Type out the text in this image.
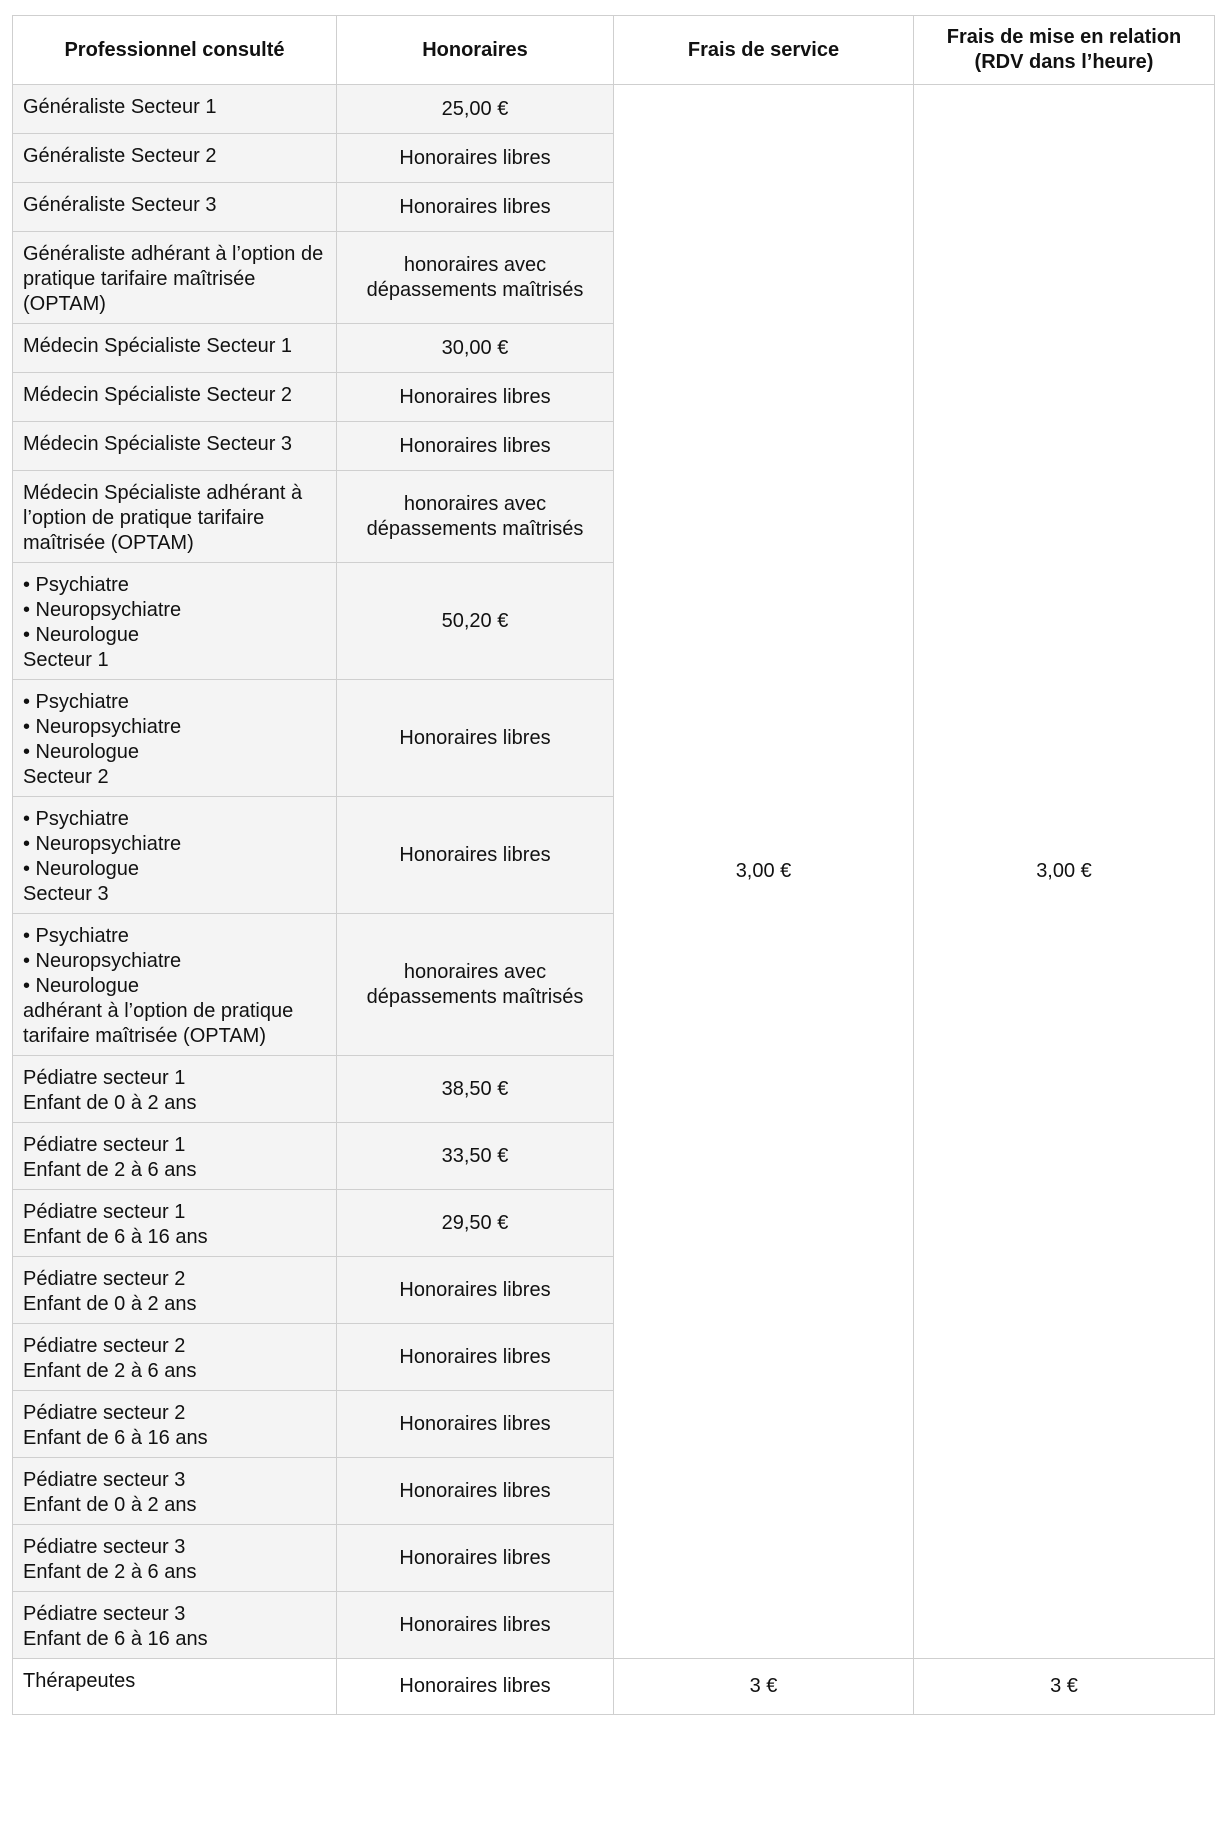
Professionnel consulté	Honoraires	Frais de service	Frais de mise en relation
(RDV dans l’heure)
Généraliste Secteur 1	25,00 €	3,00 €	3,00 €
Généraliste Secteur 2	Honoraires libres		
Généraliste Secteur 3	Honoraires libres		
Généraliste adhérant à l’option de
pratique tarifaire maîtrisée
(OPTAM)	honoraires avec
dépassements maîtrisés		
Médecin Spécialiste Secteur 1	30,00 €		
Médecin Spécialiste Secteur 2	Honoraires libres		
Médecin Spécialiste Secteur 3	Honoraires libres		
Médecin Spécialiste adhérant à
l’option de pratique tarifaire
maîtrisée (OPTAM)	honoraires avec
dépassements maîtrisés		
• Psychiatre
• Neuropsychiatre
• Neurologue
Secteur 1	50,20 €		
• Psychiatre
• Neuropsychiatre
• Neurologue
Secteur 2	Honoraires libres		
• Psychiatre
• Neuropsychiatre
• Neurologue
Secteur 3	Honoraires libres		
• Psychiatre
• Neuropsychiatre
• Neurologue
adhérant à l’option de pratique
tarifaire maîtrisée (OPTAM)	honoraires avec
dépassements maîtrisés		
Pédiatre secteur 1
Enfant de 0 à 2 ans	38,50 €		
Pédiatre secteur 1
Enfant de 2 à 6 ans	33,50 €		
Pédiatre secteur 1
Enfant de 6 à 16 ans	29,50 €		
Pédiatre secteur 2
Enfant de 0 à 2 ans	Honoraires libres		
Pédiatre secteur 2
Enfant de 2 à 6 ans	Honoraires libres		
Pédiatre secteur 2
Enfant de 6 à 16 ans	Honoraires libres		
Pédiatre secteur 3
Enfant de 0 à 2 ans	Honoraires libres		
Pédiatre secteur 3
Enfant de 2 à 6 ans	Honoraires libres		
Pédiatre secteur 3
Enfant de 6 à 16 ans	Honoraires libres		
Thérapeutes	Honoraires libres	3 €	3 €
